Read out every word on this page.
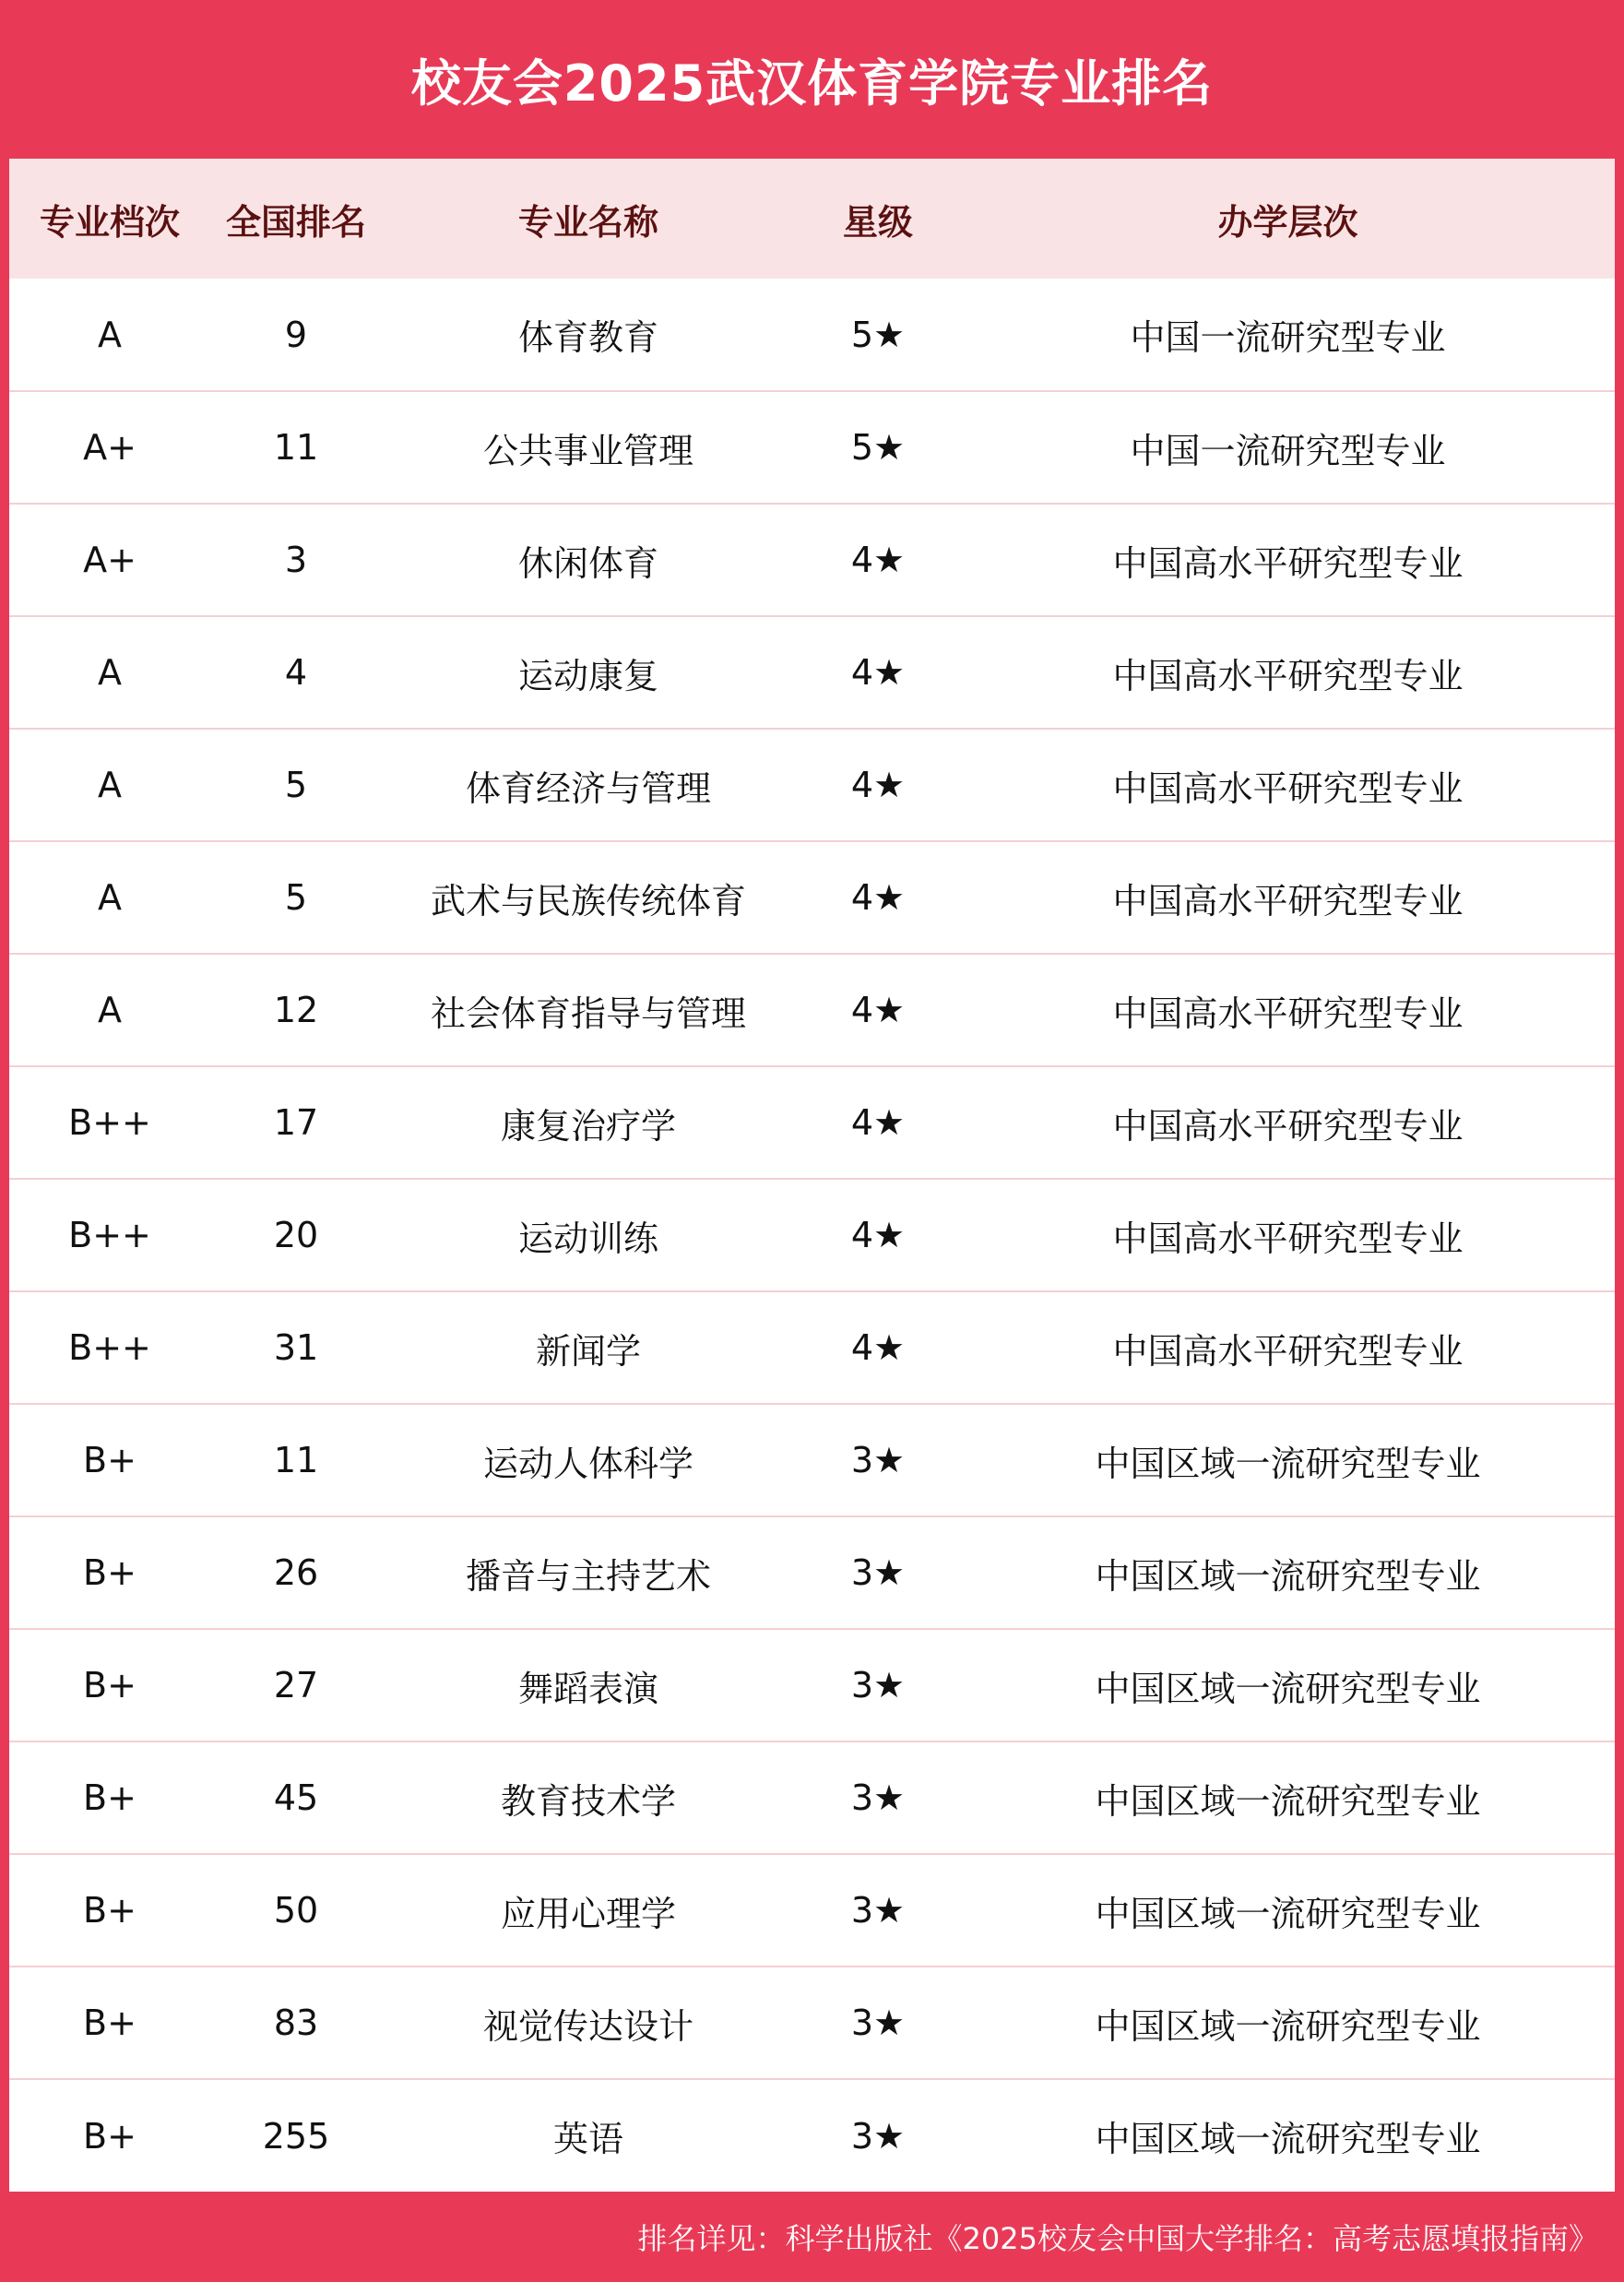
校友会2025武汉体育学院专业排名
专业档次	全国排名	专业名称	星级	办学层次
A	9	体育教育	5★	中国一流研究型专业
A+	11	公共事业管理	5★	中国一流研究型专业
A+	3	休闲体育	4★	中国高水平研究型专业
A	4	运动康复	4★	中国高水平研究型专业
A	5	体育经济与管理	4★	中国高水平研究型专业
A	5	武术与民族传统体育	4★	中国高水平研究型专业
A	12	社会体育指导与管理	4★	中国高水平研究型专业
B++	17	康复治疗学	4★	中国高水平研究型专业
B++	20	运动训练	4★	中国高水平研究型专业
B++	31	新闻学	4★	中国高水平研究型专业
B+	11	运动人体科学	3★	中国区域一流研究型专业
B+	26	播音与主持艺术	3★	中国区域一流研究型专业
B+	27	舞蹈表演	3★	中国区域一流研究型专业
B+	45	教育技术学	3★	中国区域一流研究型专业
B+	50	应用心理学	3★	中国区域一流研究型专业
B+	83	视觉传达设计	3★	中国区域一流研究型专业
B+	255	英语	3★	中国区域一流研究型专业
排名详见：科学出版社《2025校友会中国大学排名：高考志愿填报指南》
